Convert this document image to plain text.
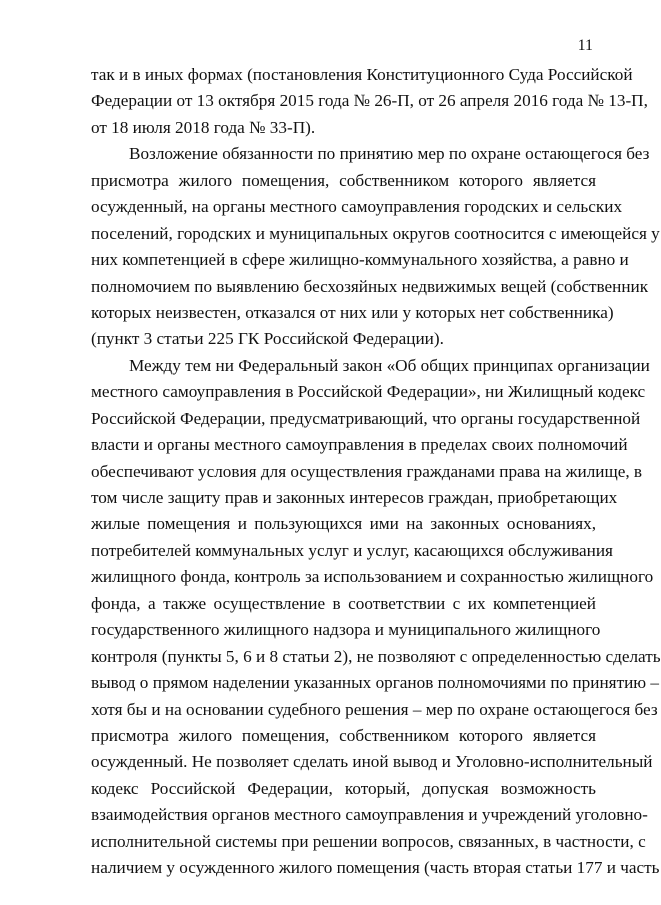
11
так и в иных формах (постановления Конституционного Суда Российской
Федерации от 13 октября 2015 года № 26-П, от 26 апреля 2016 года № 13-П,
от 18 июля 2018 года № 33-П).
Возложение обязанности по принятию мер по охране остающегося без
присмотра жилого помещения, собственником которого является
осужденный, на органы местного самоуправления городских и сельских
поселений, городских и муниципальных округов соотносится с имеющейся у
них компетенцией в сфере жилищно-коммунального хозяйства, а равно и
полномочием по выявлению бесхозяйных недвижимых вещей (собственник
которых неизвестен, отказался от них или у которых нет собственника)
(пункт 3 статьи 225 ГК Российской Федерации).
Между тем ни Федеральный закон «Об общих принципах организации
местного самоуправления в Российской Федерации», ни Жилищный кодекс
Российской Федерации, предусматривающий, что органы государственной
власти и органы местного самоуправления в пределах своих полномочий
обеспечивают условия для осуществления гражданами права на жилище, в
том числе защиту прав и законных интересов граждан, приобретающих
жилые помещения и пользующихся ими на законных основаниях,
потребителей коммунальных услуг и услуг, касающихся обслуживания
жилищного фонда, контроль за использованием и сохранностью жилищного
фонда, а также осуществление в соответствии с их компетенцией
государственного жилищного надзора и муниципального жилищного
контроля (пункты 5, 6 и 8 статьи 2), не позволяют с определенностью сделать
вывод о прямом наделении указанных органов полномочиями по принятию –
хотя бы и на основании судебного решения – мер по охране остающегося без
присмотра жилого помещения, собственником которого является
осужденный. Не позволяет сделать иной вывод и Уголовно-исполнительный
кодекс Российской Федерации, который, допуская возможность
взаимодействия органов местного самоуправления и учреждений уголовно-
исполнительной системы при решении вопросов, связанных, в частности, с
наличием у осужденного жилого помещения (часть вторая статьи 177 и часть
